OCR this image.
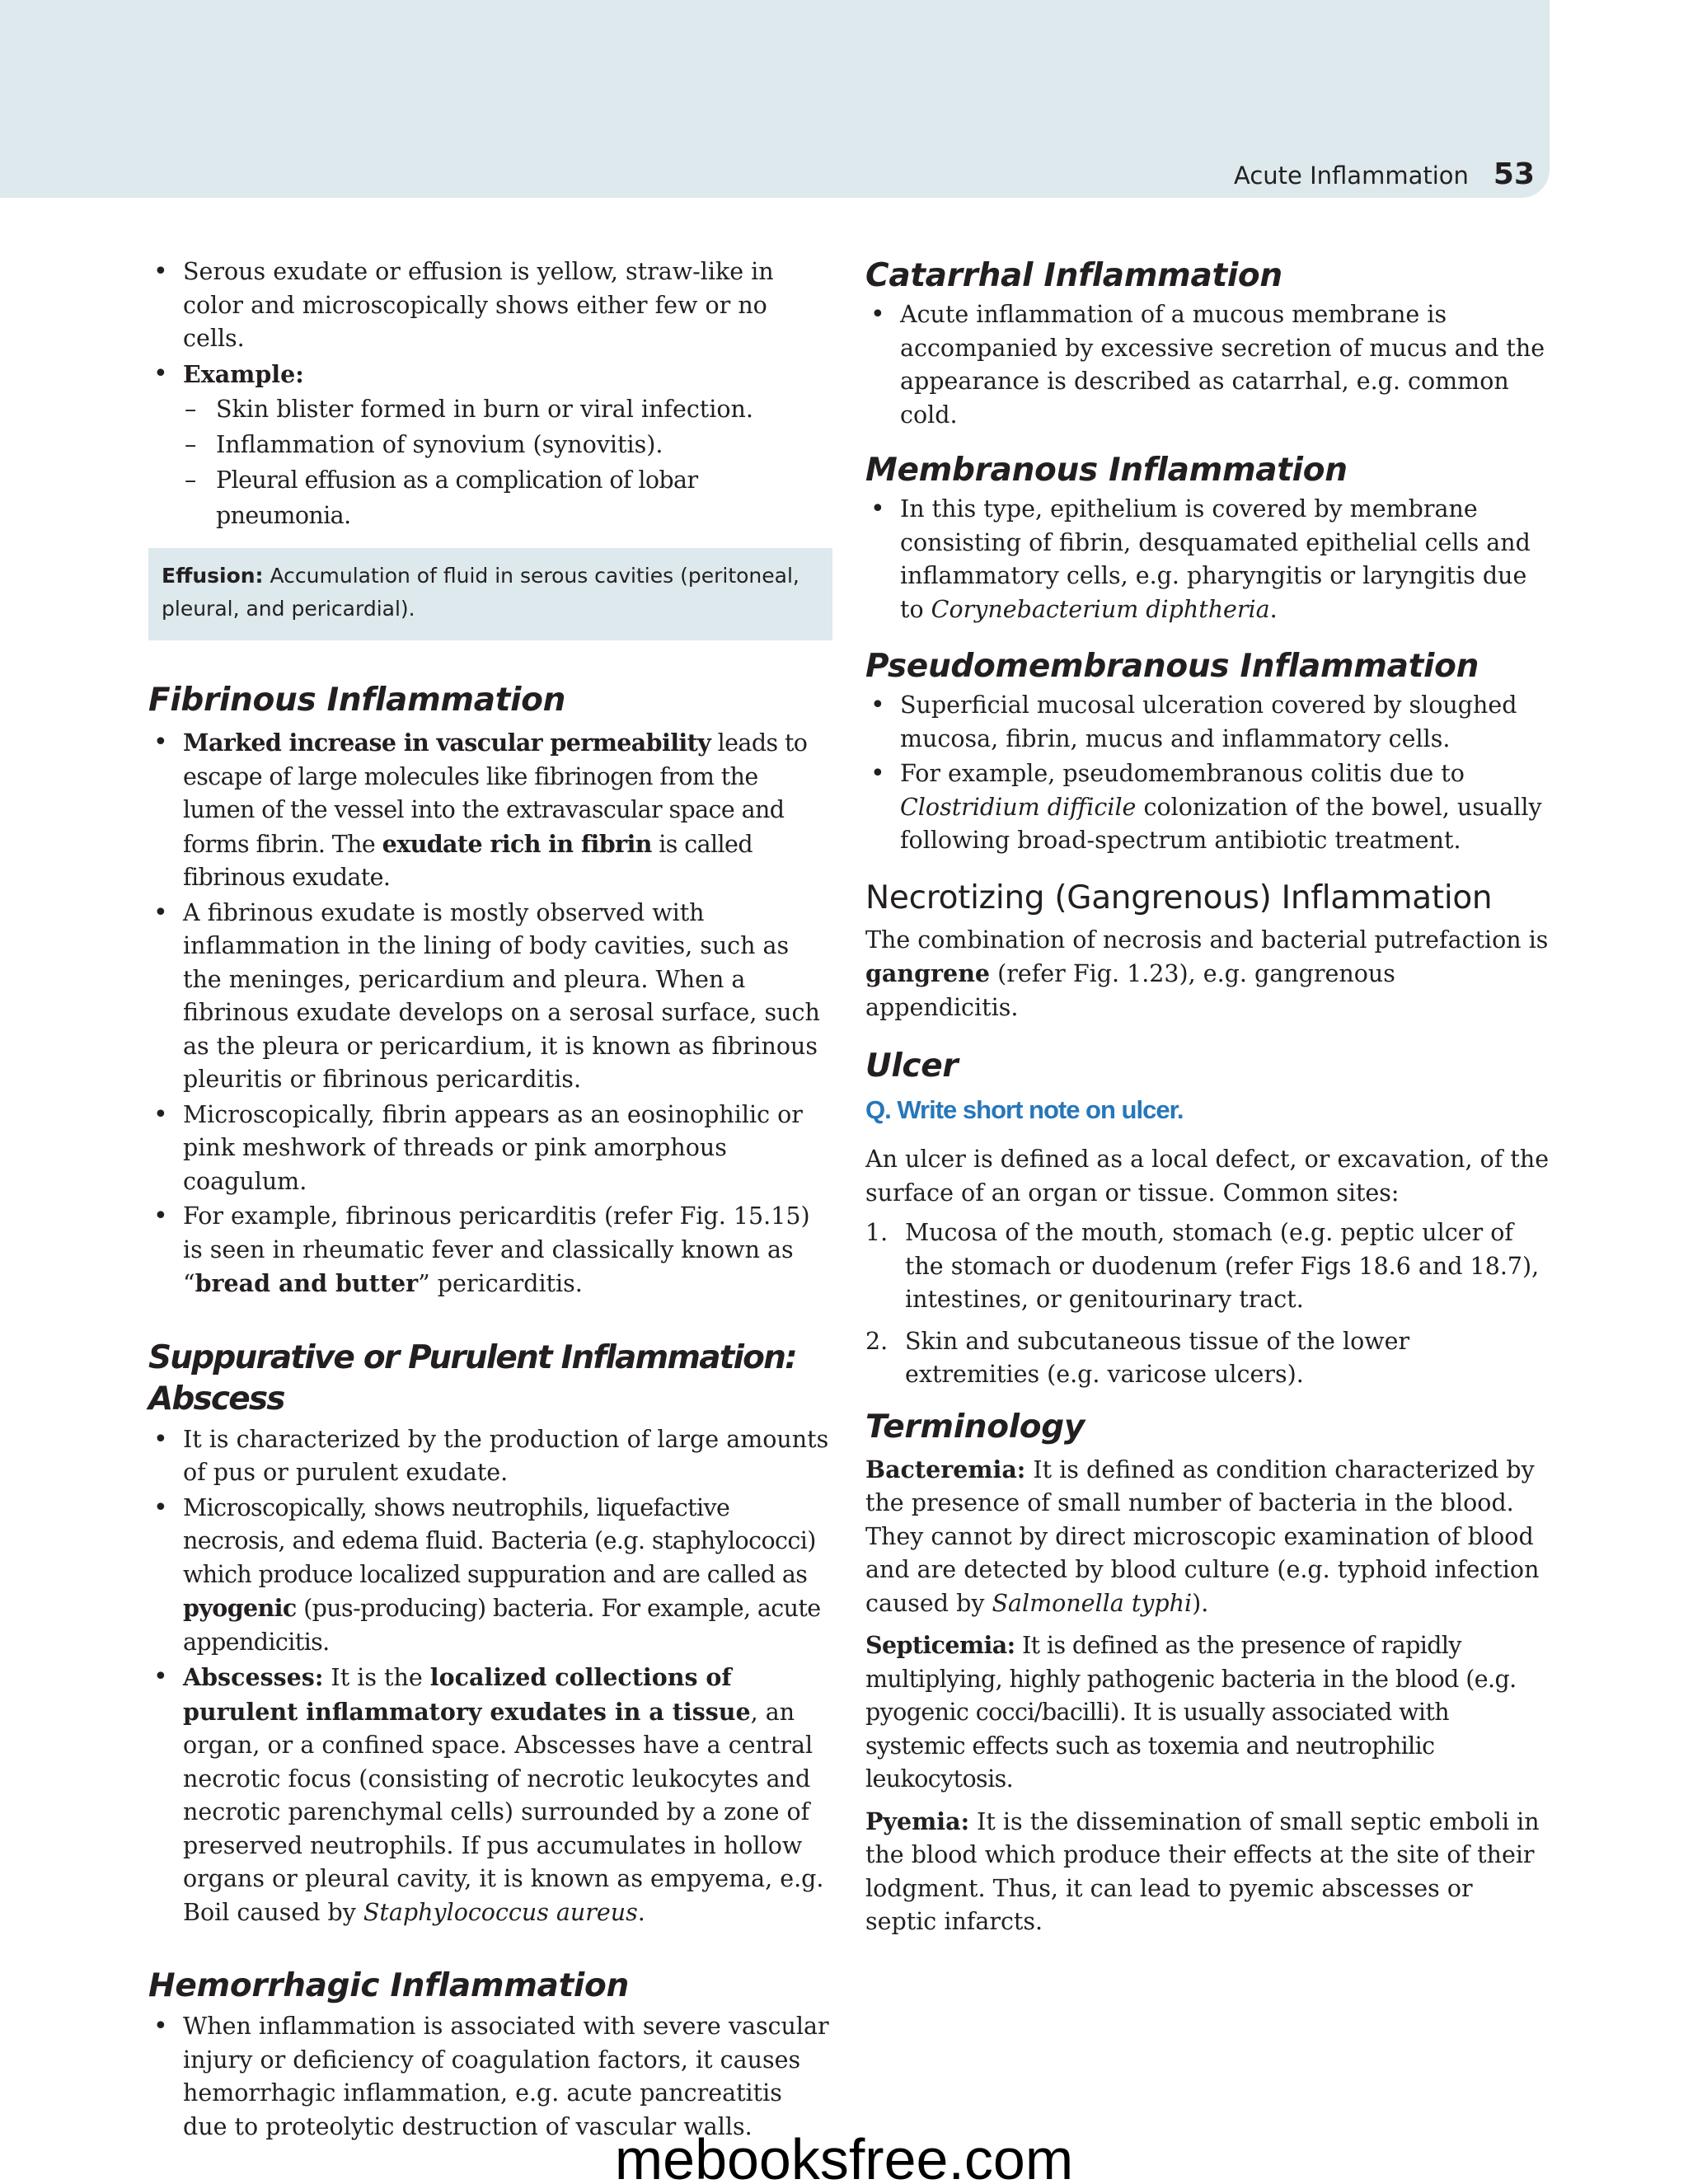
Acute Inflammation 53
• Serous exudate or effusion is yellow, straw-like in color and microscopically shows either few or no cells.
• Example:
– Skin blister formed in burn or viral infection.
– Inflammation of synovium (synovitis).
– Pleural effusion as a complication of lobar pneumonia.
Effusion: Accumulation of fluid in serous cavities (peritoneal, pleural, and pericardial).
Fibrinous Inflammation
• Marked increase in vascular permeability leads to escape of large molecules like fibrinogen from the lumen of the vessel into the extravascular space and forms fibrin. The exudate rich in fibrin is called fibrinous exudate.
• A fibrinous exudate is mostly observed with inflammation in the lining of body cavities, such as the meninges, pericardium and pleura. When a fibrinous exudate develops on a serosal surface, such as the pleura or pericardium, it is known as fibrinous pleuritis or fibrinous pericarditis.
• Microscopically, fibrin appears as an eosinophilic or pink meshwork of threads or pink amorphous coagulum.
• For example, fibrinous pericarditis (refer Fig. 15.15) is seen in rheumatic fever and classically known as “bread and butter” pericarditis.
Suppurative or Purulent Inflammation: Abscess
• It is characterized by the production of large amounts of pus or purulent exudate.
• Microscopically, shows neutrophils, liquefactive necrosis, and edema fluid. Bacteria (e.g. staphylococci) which produce localized suppuration and are called as pyogenic (pus-producing) bacteria. For example, acute appendicitis.
• Abscesses: It is the localized collections of purulent inflammatory exudates in a tissue, an organ, or a confined space. Abscesses have a central necrotic focus (consisting of necrotic leukocytes and necrotic parenchymal cells) surrounded by a zone of preserved neutrophils. If pus accumulates in hollow organs or pleural cavity, it is known as empyema, e.g. Boil caused by Staphylococcus aureus.
Hemorrhagic Inflammation
• When inflammation is associated with severe vascular injury or deficiency of coagulation factors, it causes hemorrhagic inflammation, e.g. acute pancreatitis due to proteolytic destruction of vascular walls.
Catarrhal Inflammation
• Acute inflammation of a mucous membrane is accompanied by excessive secretion of mucus and the appearance is described as catarrhal, e.g. common cold.
Membranous Inflammation
• In this type, epithelium is covered by membrane consisting of fibrin, desquamated epithelial cells and inflammatory cells, e.g. pharyngitis or laryngitis due to Corynebacterium diphtheria.
Pseudomembranous Inflammation
• Superficial mucosal ulceration covered by sloughed mucosa, fibrin, mucus and inflammatory cells.
• For example, pseudomembranous colitis due to Clostridium difficile colonization of the bowel, usually following broad-spectrum antibiotic treatment.
Necrotizing (Gangrenous) Inflammation

The combination of necrosis and bacterial putrefaction is gangrene (refer Fig. 1.23), e.g. gangrenous appendicitis.

Ulcer

Q. Write short note on ulcer.

An ulcer is defined as a local defect, or excavation, of the surface of an organ or tissue. Common sites:

1. Mucosa of the mouth, stomach (e.g. peptic ulcer of the stomach or duodenum (refer Figs 18.6 and 18.7), intestines, or genitourinary tract.
2. Skin and subcutaneous tissue of the lower extremities (e.g. varicose ulcers).
Terminology

Bacteremia: It is defined as condition characterized by the presence of small number of bacteria in the blood. They cannot by direct microscopic examination of blood and are detected by blood culture (e.g. typhoid infection caused by Salmonella typhi).

Septicemia: It is defined as the presence of rapidly multiplying, highly pathogenic bacteria in the blood (e.g. pyogenic cocci/bacilli). It is usually associated with systemic effects such as toxemia and neutrophilic leukocytosis.

Pyemia: It is the dissemination of small septic emboli in the blood which produce their effects at the site of their lodgment. Thus, it can lead to pyemic abscesses or septic infarcts.

mebooksfree.com
